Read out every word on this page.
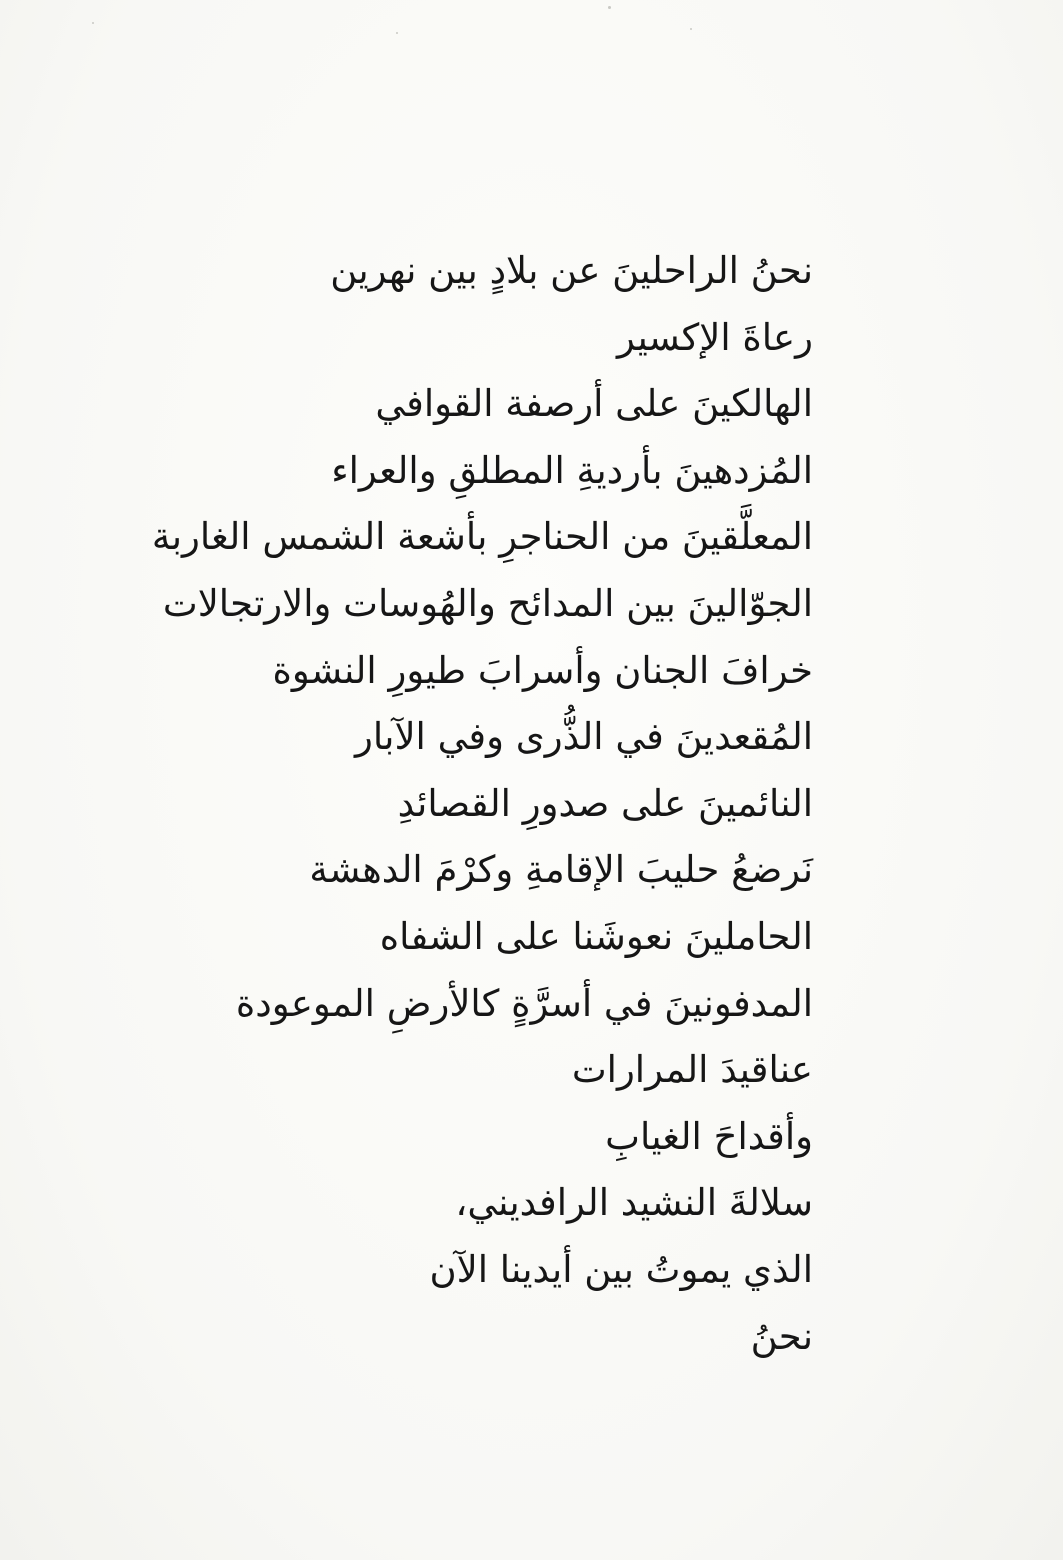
نحنُ الراحلينَ عن بلادٍ بين نهرين
رعاةَ الإكسير
الهالكينَ على أرصفة القوافي
المُزدهينَ بأرديةِ المطلقِ والعراء
المعلَّقينَ من الحناجرِ بأشعة الشمس الغاربة
الجوّالينَ بين المدائح والهُوسات والارتجالات
خرافَ الجنان وأسرابَ طيورِ النشوة
المُقعدينَ في الذُّرى وفي الآبار
النائمينَ على صدورِ القصائدِ
نَرضعُ حليبَ الإقامةِ وكرْمَ الدهشة
الحاملينَ نعوشَنا على الشفاه
المدفونينَ في أسرَّةٍ كالأرضِ الموعودة
عناقيدَ المرارات
وأقداحَ الغيابِ
سلالةَ النشيد الرافديني،
الذي يموتُ بين أيدينا الآن
نحنُ
